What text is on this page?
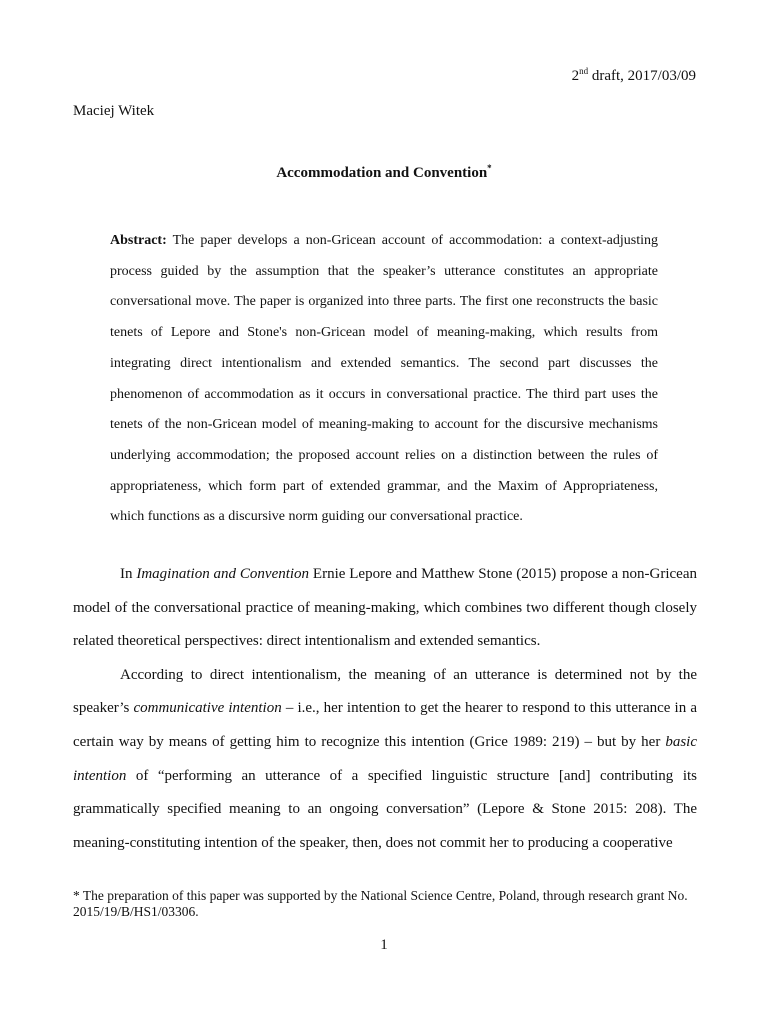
2nd draft, 2017/03/09
Maciej Witek
Accommodation and Convention*

Abstract: The paper develops a non-Gricean account of accommodation: a context-adjusting process guided by the assumption that the speaker’s utterance constitutes an appropriate conversational move. The paper is organized into three parts. The first one reconstructs the basic tenets of Lepore and Stone's non-Gricean model of meaning-making, which results from integrating direct intentionalism and extended semantics. The second part discusses the phenomenon of accommodation as it occurs in conversational practice. The third part uses the tenets of the non-Gricean model of meaning-making to account for the discursive mechanisms underlying accommodation; the proposed account relies on a distinction between the rules of appropriateness, which form part of extended grammar, and the Maxim of Appropriateness, which functions as a discursive norm guiding our conversational practice.

In Imagination and Convention Ernie Lepore and Matthew Stone (2015) propose a non-Gricean model of the conversational practice of meaning-making, which combines two different though closely related theoretical perspectives: direct intentionalism and extended semantics.

According to direct intentionalism, the meaning of an utterance is determined not by the speaker’s communicative intention – i.e., her intention to get the hearer to respond to this utterance in a certain way by means of getting him to recognize this intention (Grice 1989: 219) – but by her basic intention of “performing an utterance of a specified linguistic structure [and] contributing its grammatically specified meaning to an ongoing conversation” (Lepore & Stone 2015: 208). The meaning-constituting intention of the speaker, then, does not commit her to producing a cooperative

* The preparation of this paper was supported by the National Science Centre, Poland, through research grant No. 2015/19/B/HS1/03306.

1
